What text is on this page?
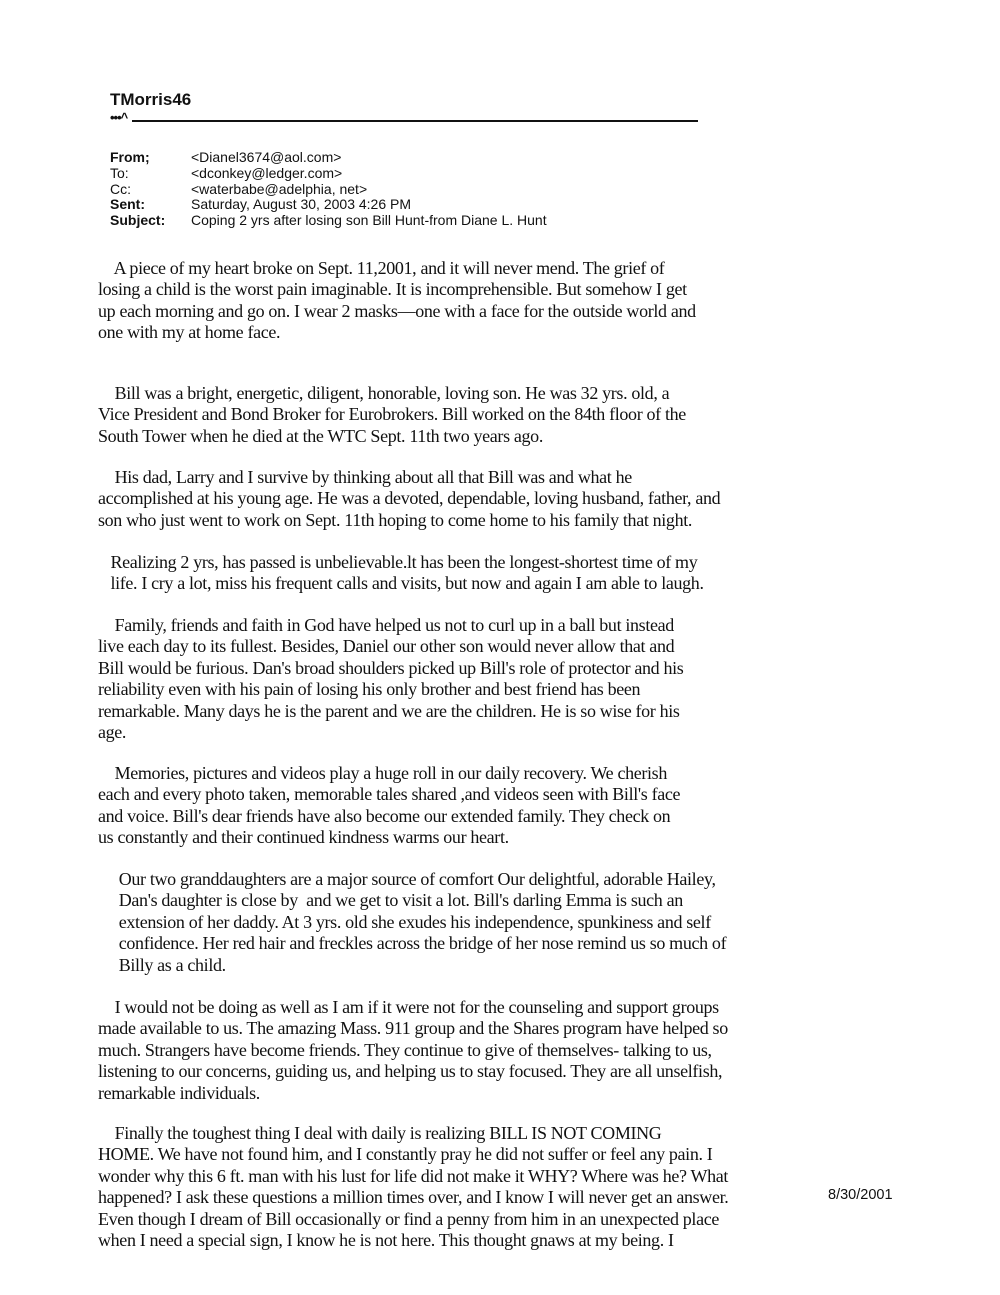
TMorris46
•••^
From;	<Dianel3674@aol.com>
To:	<dconkey@ledger.com>
Cc:	<waterbabe@adelphia, net>
Sent:	Saturday, August 30, 2003 4:26 PM
Subject:	Coping 2 yrs after losing son Bill Hunt-from Diane L. Hunt
A piece of my heart broke on Sept. 11,2001, and it will never mend. The grief of
losing a child is the worst pain imaginable. It is incomprehensible. But somehow I get
up each morning and go on. I wear 2 masks—one with a face for the outside world and
one with my at home face.
Bill was a bright, energetic, diligent, honorable, loving son. He was 32 yrs. old, a
Vice President and Bond Broker for Eurobrokers. Bill worked on the 84th floor of the
South Tower when he died at the WTC Sept. 11th two years ago.
His dad, Larry and I survive by thinking about all that Bill was and what he
accomplished at his young age. He was a devoted, dependable, loving husband, father, and
son who just went to work on Sept. 11th hoping to come home to his family that night.
Realizing 2 yrs, has passed is unbelievable.lt has been the longest-shortest time of my
life. I cry a lot, miss his frequent calls and visits, but now and again I am able to laugh.
Family, friends and faith in God have helped us not to curl up in a ball but instead
live each day to its fullest. Besides, Daniel our other son would never allow that and
Bill would be furious. Dan's broad shoulders picked up Bill's role of protector and his
reliability even with his pain of losing his only brother and best friend has been
remarkable. Many days he is the parent and we are the children. He is so wise for his
age.
Memories, pictures and videos play a huge roll in our daily recovery. We cherish
each and every photo taken, memorable tales shared ,and videos seen with Bill's face
and voice. Bill's dear friends have also become our extended family. They check on
us constantly and their continued kindness warms our heart.
Our two granddaughters are a major source of comfort Our delightful, adorable Hailey,
Dan's daughter is close by  and we get to visit a lot. Bill's darling Emma is such an
extension of her daddy. At 3 yrs. old she exudes his independence, spunkiness and self
confidence. Her red hair and freckles across the bridge of her nose remind us so much of
Billy as a child.
I would not be doing as well as I am if it were not for the counseling and support groups
made available to us. The amazing Mass. 911 group and the Shares program have helped so
much. Strangers have become friends. They continue to give of themselves- talking to us,
listening to our concerns, guiding us, and helping us to stay focused. They are all unselfish,
remarkable individuals.
Finally the toughest thing I deal with daily is realizing BILL IS NOT COMING
HOME. We have not found him, and I constantly pray he did not suffer or feel any pain. I
wonder why this 6 ft. man with his lust for life did not make it WHY? Where was he? What
happened? I ask these questions a million times over, and I know I will never get an answer.
Even though I dream of Bill occasionally or find a penny from him in an unexpected place
when I need a special sign, I know he is not here. This thought gnaws at my being. I
8/30/2001
